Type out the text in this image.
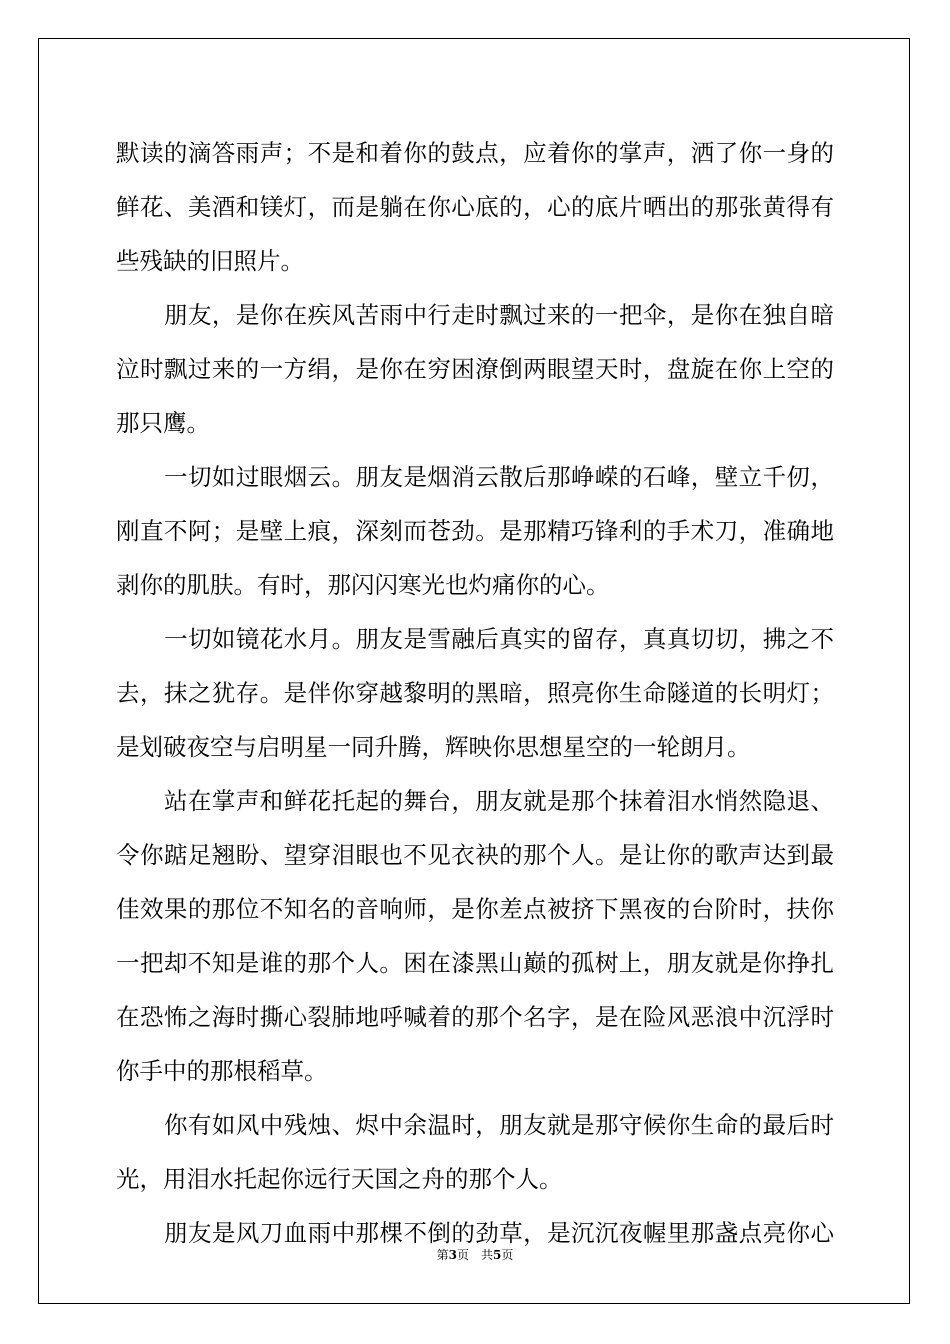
默读的滴答雨声；不是和着你的鼓点，应着你的掌声，洒了你一身的
鲜花、美酒和镁灯，而是躺在你心底的，心的底片晒出的那张黄得有
些残缺的旧照片。
朋友，是你在疾风苦雨中行走时飘过来的一把伞，是你在独自暗
泣时飘过来的一方绢，是你在穷困潦倒两眼望天时，盘旋在你上空的
那只鹰。
一切如过眼烟云。朋友是烟消云散后那峥嵘的石峰，壁立千仞，
刚直不阿；是壁上痕，深刻而苍劲。是那精巧锋利的手术刀，准确地
剥你的肌肤。有时，那闪闪寒光也灼痛你的心。
一切如镜花水月。朋友是雪融后真实的留存，真真切切，拂之不
去，抹之犹存。是伴你穿越黎明的黑暗，照亮你生命隧道的长明灯；
是划破夜空与启明星一同升腾，辉映你思想星空的一轮朗月。
站在掌声和鲜花托起的舞台，朋友就是那个抹着泪水悄然隐退、
令你踮足翘盼、望穿泪眼也不见衣袂的那个人。是让你的歌声达到最
佳效果的那位不知名的音响师，是你差点被挤下黑夜的台阶时，扶你
一把却不知是谁的那个人。困在漆黑山巅的孤树上，朋友就是你挣扎
在恐怖之海时撕心裂肺地呼喊着的那个名字，是在险风恶浪中沉浮时
你手中的那根稻草。
你有如风中残烛、烬中余温时，朋友就是那守候你生命的最后时
光，用泪水托起你远行天国之舟的那个人。
朋友是风刀血雨中那棵不倒的劲草，是沉沉夜幄里那盏点亮你心
第3页　共5页
